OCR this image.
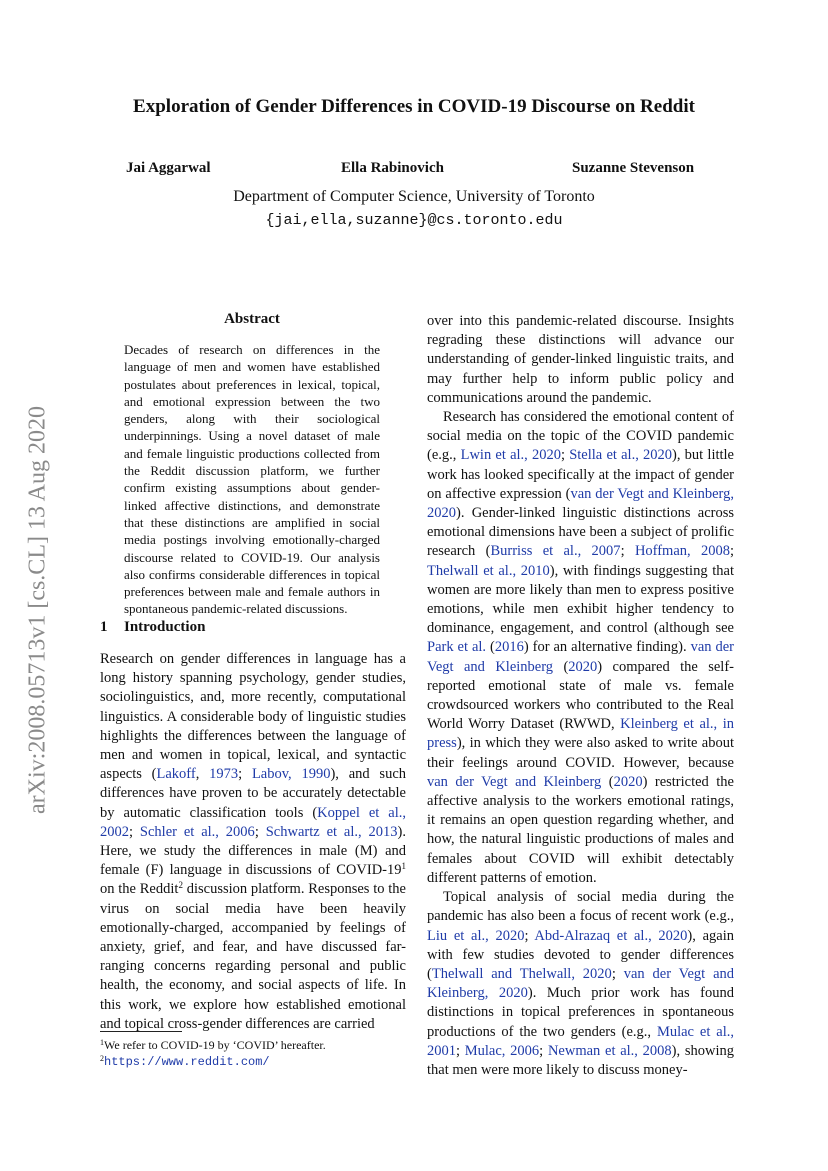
arXiv:2008.05713v1 [cs.CL] 13 Aug 2020
Exploration of Gender Differences in COVID-19 Discourse on Reddit
Jai Aggarwal	Ella Rabinovich	Suzanne Stevenson
Department of Computer Science, University of Toronto
{jai,ella,suzanne}@cs.toronto.edu
Abstract
Decades of research on differences in the language of men and women have established postulates about preferences in lexical, topical, and emotional expression between the two genders, along with their sociological underpinnings. Using a novel dataset of male and female linguistic productions collected from the Reddit discussion platform, we further confirm existing assumptions about gender-linked affective distinctions, and demonstrate that these distinctions are amplified in social media postings involving emotionally-charged discourse related to COVID-19. Our analysis also confirms considerable differences in topical preferences between male and female authors in spontaneous pandemic-related discussions.
1 Introduction
Research on gender differences in language has a long history spanning psychology, gender studies, sociolinguistics, and, more recently, computational linguistics. A considerable body of linguistic studies highlights the differences between the language of men and women in topical, lexical, and syntactic aspects (Lakoff, 1973; Labov, 1990), and such differences have proven to be accurately detectable by automatic classification tools (Koppel et al., 2002; Schler et al., 2006; Schwartz et al., 2013). Here, we study the differences in male (M) and female (F) language in discussions of COVID-$19^1$ on the Reddit$^2$ discussion platform. Responses to the virus on social media have been heavily emotionally-charged, accompanied by feelings of anxiety, grief, and fear, and have discussed far-ranging concerns regarding personal and public health, the economy, and social aspects of life. In this work, we explore how established emotional and topical cross-gender differences are carried

over into this pandemic-related discourse. Insights regrading these distinctions will advance our understanding of gender-linked linguistic traits, and may further help to inform public policy and communications around the pandemic.

Research has considered the emotional content of social media on the topic of the COVID pandemic (e.g., Lwin et al., 2020; Stella et al., 2020), but little work has looked specifically at the impact of gender on affective expression (van der Vegt and Kleinberg, 2020). Gender-linked linguistic distinctions across emotional dimensions have been a subject of prolific research (Burriss et al., 2007; Hoffman, 2008; Thelwall et al., 2010), with findings suggesting that women are more likely than men to express positive emotions, while men exhibit higher tendency to dominance, engagement, and control (although see Park et al. (2016) for an alternative finding). van der Vegt and Kleinberg (2020) compared the self-reported emotional state of male vs. female crowdsourced workers who contributed to the Real World Worry Dataset (RWWD, Kleinberg et al., in press), in which they were also asked to write about their feelings around COVID. However, because van der Vegt and Kleinberg (2020) restricted the affective analysis to the workers emotional ratings, it remains an open question regarding whether, and how, the natural linguistic productions of males and females about COVID will exhibit detectably different patterns of emotion.

Topical analysis of social media during the pandemic has also been a focus of recent work (e.g., Liu et al., 2020; Abd-Alrazaq et al., 2020), again with few studies devoted to gender differences (Thelwall and Thelwall, 2020; van der Vegt and Kleinberg, 2020). Much prior work has found distinctions in topical preferences in spontaneous productions of the two genders (e.g., Mulac et al., 2001; Mulac, 2006; Newman et al., 2008), showing that men were more likely to discuss money-

$^1$We refer to COVID-19 by ‘COVID’ hereafter.
$^2$https://www.reddit.com/
